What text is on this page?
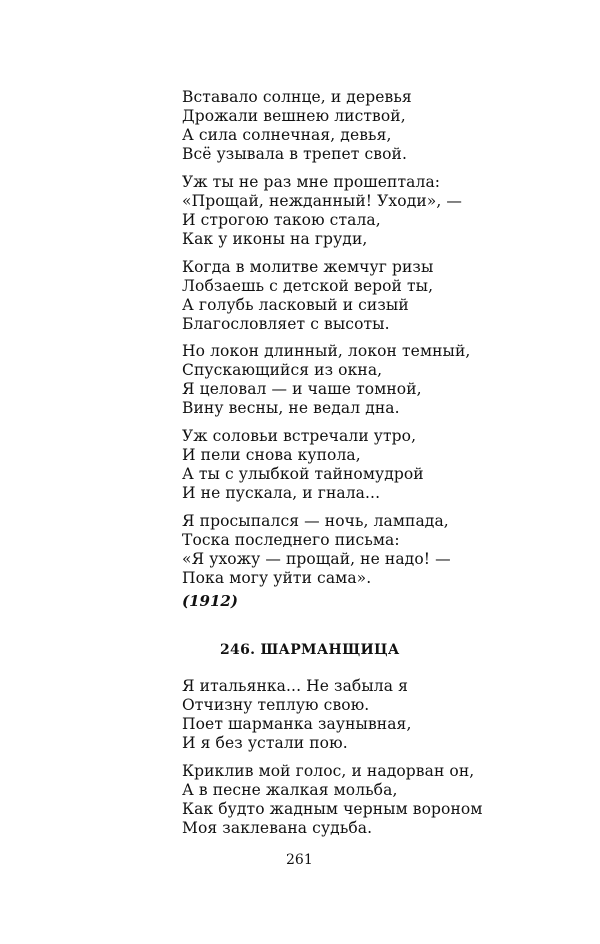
Вставало солнце, и деревья
Дрожали вешнею листвой,
А сила солнечная, девья,
Всё узывала в трепет свой.
Уж ты не раз мне прошептала:
«Прощай, нежданный! Уходи», —
И строгою такою стала,
Как у иконы на груди,
Когда в молитве жемчуг ризы
Лобзаешь с детской верой ты,
А голубь ласковый и сизый
Благословляет с высоты.
Но локон длинный, локон темный,
Спускающийся из окна,
Я целовал — и чаше томной,
Вину весны, не ведал дна.
Уж соловьи встречали утро,
И пели снова купола,
А ты с улыбкой тайномудрой
И не пускала, и гнала...
Я просыпался — ночь, лампада,
Тоска последнего письма:
«Я ухожу — прощай, не надо! —
Пока могу уйти сама».
(1912)
246. ШАРМАНЩИЦА
Я итальянка... Не забыла я
Отчизну теплую свою.
Поет шарманка заунывная,
И я без устали пою.
Криклив мой голос, и надорван он,
А в песне жалкая мольба,
Как будто жадным черным вороном
Моя заклевана судьба.
261
